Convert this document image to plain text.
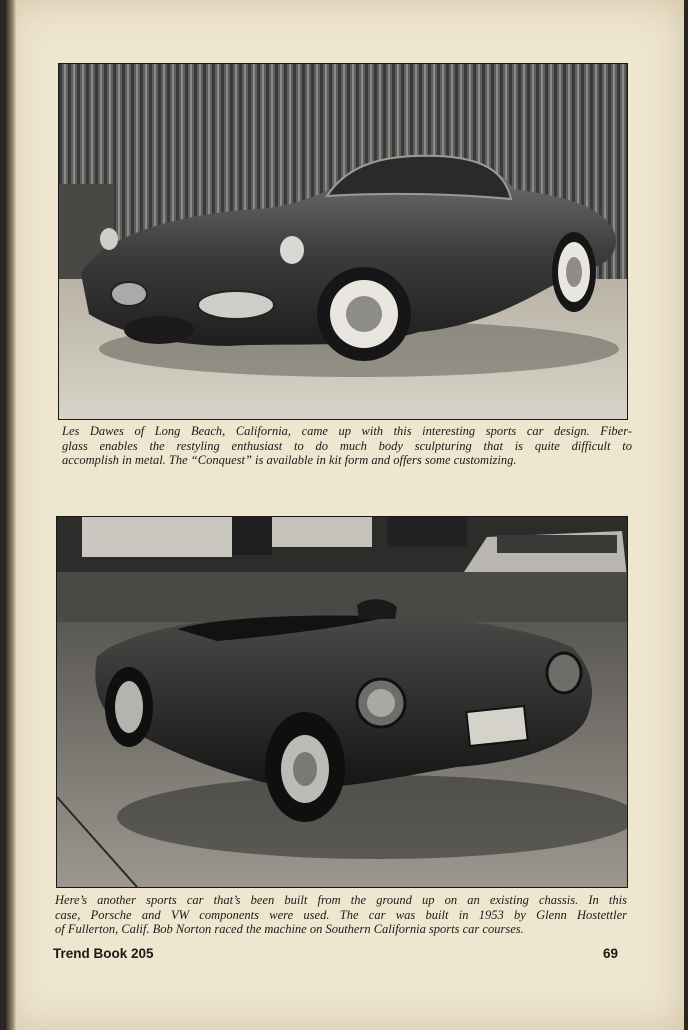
Les Dawes of Long Beach, California, came up with this interesting sports car design. Fiber-
glass enables the restyling enthusiast to do much body sculpturing that is quite difficult to
accomplish in metal. The “Conquest” is available in kit form and offers some customizing.
Here’s another sports car that’s been built from the ground up on an existing chassis. In this
case, Porsche and VW components were used. The car was built in 1953 by Glenn Hostettler
of Fullerton, Calif. Bob Norton raced the machine on Southern California sports car courses.
Trend Book 205	69
